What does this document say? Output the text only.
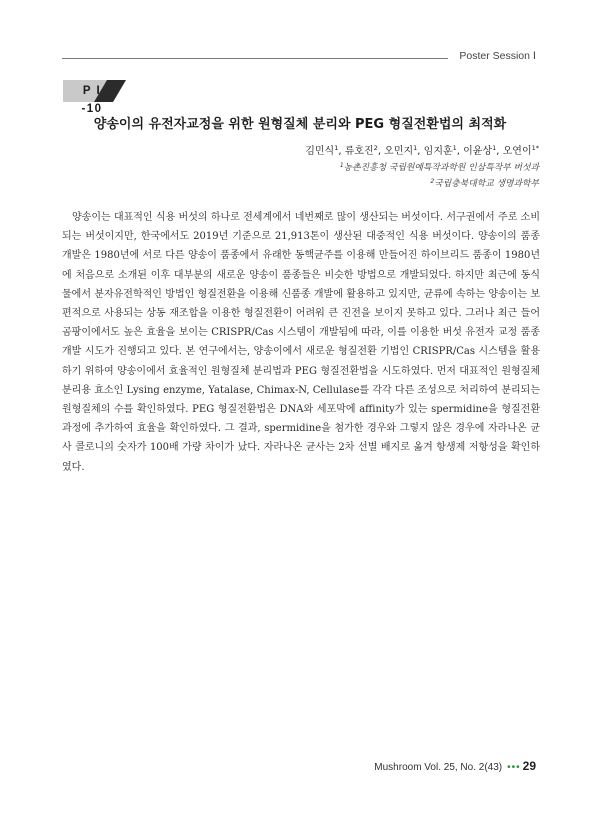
Poster Session Ⅰ
P I -10
양송이의 유전자교정을 위한 원형질체 분리와 PEG 형질전환법의 최적화
김민식$^1$, 류호진$^2$, 오민지$^1$, 임지훈$^1$, 이윤상$^1$, 오연이$^{1*}$
$^1$농촌진흥청 국립원예특작과학원 인삼특작부 버섯과
$^2$국립충북대학교 생명과학부

양송이는 대표적인 식용 버섯의 하나로 전세계에서 네번째로 많이 생산되는 버섯이다. 서구권에서 주로 소비되는 버섯이지만, 한국에서도 2019년 기준으로 21,913톤이 생산된 대중적인 식용 버섯이다. 양송이의 품종개발은 1980년에 서로 다른 양송이 품종에서 유래한 동핵균주를 이용해 만들어진 하이브리드 품종이 1980년에 처음으로 소개된 이후 대부분의 새로운 양송이 품종들은 비슷한 방법으로 개발되었다. 하지만 최근에 동식물에서 분자유전학적인 방법인 형질전환을 이용해 신품종 개발에 활용하고 있지만, 균류에 속하는 양송이는 보편적으로 사용되는 상동 재조합을 이용한 형질전환이 어려워 큰 진전을 보이지 못하고 있다. 그러나 최근 들어 곰팡이에서도 높은 효율을 보이는 CRISPR/Cas 시스템이 개발됨에 따라, 이를 이용한 버섯 유전자 교정 품종 개발 시도가 진행되고 있다. 본 연구에서는, 양송이에서 새로운 형질전환 기법인 CRISPR/Cas 시스템을 활용하기 위하여 양송이에서 효율적인 원형질체 분리법과 PEG 형질전환법을 시도하였다. 먼저 대표적인 원형질체 분리용 효소인 Lysing enzyme, Yatalase, Chimax-N, Cellulase를 각각 다른 조성으로 처리하여 분리되는 원형질체의 수를 확인하였다. PEG 형질전환법은 DNA와 세포막에 affinity가 있는 spermidine을 형질전환 과정에 추가하여 효율을 확인하였다. 그 결과, spermidine을 첨가한 경우와 그렇지 않은 경우에 자라나온 균사 콜로니의 숫자가 100배 가량 차이가 났다. 자라나온 균사는 2차 선별 배지로 옮겨 항생제 저항성을 확인하였다.

Mushroom Vol. 25, No. 2(43) ••• 29
